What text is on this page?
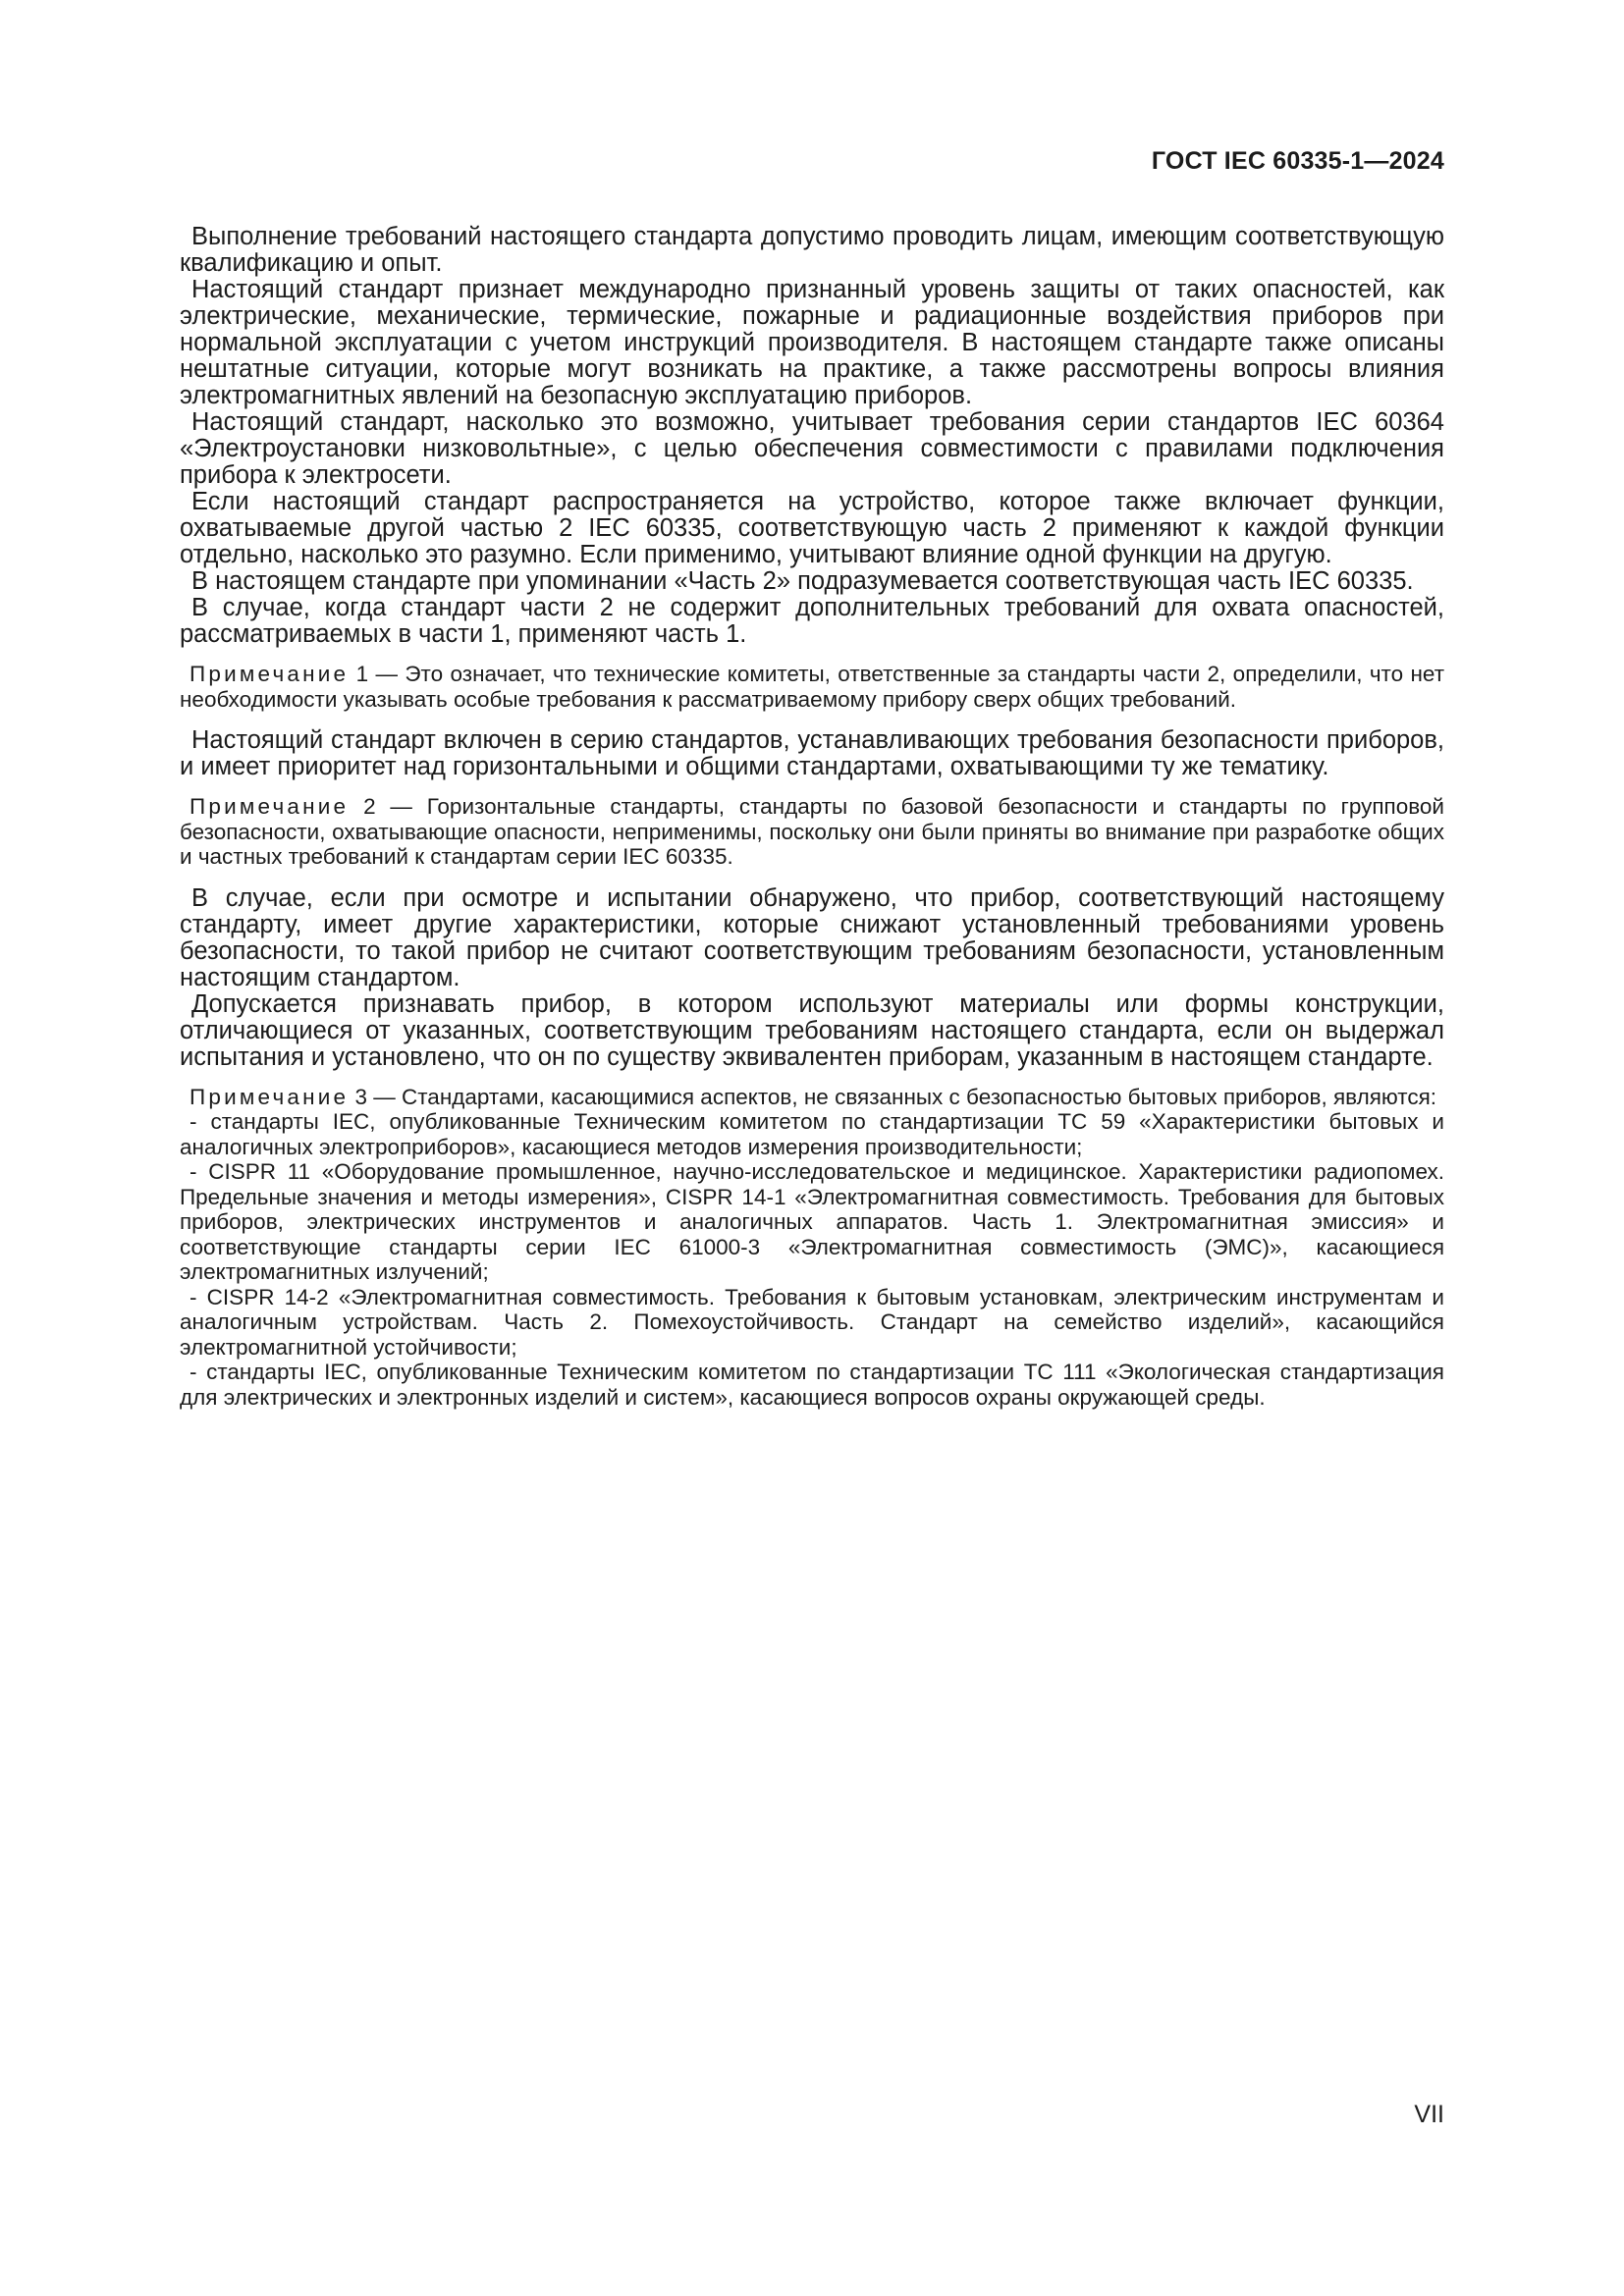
ГОСТ IEC 60335-1—2024

Выполнение требований настоящего стандарта допустимо проводить лицам, имеющим соответствующую квалификацию и опыт.

Настоящий стандарт признает международно признанный уровень защиты от таких опасностей, как электрические, механические, термические, пожарные и радиационные воздействия приборов при нормальной эксплуатации с учетом инструкций производителя. В настоящем стандарте также описаны нештатные ситуации, которые могут возникать на практике, а также рассмотрены вопросы влияния электромагнитных явлений на безопасную эксплуатацию приборов.

Настоящий стандарт, насколько это возможно, учитывает требования серии стандартов IEC 60364 «Электроустановки низковольтные», с целью обеспечения совместимости с правилами подключения прибора к электросети.

Если настоящий стандарт распространяется на устройство, которое также включает функции, охватываемые другой частью 2 IEC 60335, соответствующую часть 2 применяют к каждой функции отдельно, насколько это разумно. Если применимо, учитывают влияние одной функции на другую.

В настоящем стандарте при упоминании «Часть 2» подразумевается соответствующая часть IEC 60335.

В случае, когда стандарт части 2 не содержит дополнительных требований для охвата опасностей, рассматриваемых в части 1, применяют часть 1.

Примечание 1 — Это означает, что технические комитеты, ответственные за стандарты части 2, определили, что нет необходимости указывать особые требования к рассматриваемому прибору сверх общих требований.

Настоящий стандарт включен в серию стандартов, устанавливающих требования безопасности приборов, и имеет приоритет над горизонтальными и общими стандартами, охватывающими ту же тематику.

Примечание 2 — Горизонтальные стандарты, стандарты по базовой безопасности и стандарты по групповой безопасности, охватывающие опасности, неприменимы, поскольку они были приняты во внимание при разработке общих и частных требований к стандартам серии IEC 60335.

В случае, если при осмотре и испытании обнаружено, что прибор, соответствующий настоящему стандарту, имеет другие характеристики, которые снижают установленный требованиями уровень безопасности, то такой прибор не считают соответствующим требованиям безопасности, установленным настоящим стандартом.

Допускается признавать прибор, в котором используют материалы или формы конструкции, отличающиеся от указанных, соответствующим требованиям настоящего стандарта, если он выдержал испытания и установлено, что он по существу эквивалентен приборам, указанным в настоящем стандарте.

Примечание 3 — Стандартами, касающимися аспектов, не связанных с безопасностью бытовых приборов, являются:

- стандарты IEC, опубликованные Техническим комитетом по стандартизации TC 59 «Характеристики бытовых и аналогичных электроприборов», касающиеся методов измерения производительности;

- CISPR 11 «Оборудование промышленное, научно-исследовательское и медицинское. Характеристики радиопомех. Предельные значения и методы измерения», CISPR 14-1 «Электромагнитная совместимость. Требования для бытовых приборов, электрических инструментов и аналогичных аппаратов. Часть 1. Электромагнитная эмиссия» и соответствующие стандарты серии IEC 61000-3 «Электромагнитная совместимость (ЭМС)», касающиеся электромагнитных излучений;

- CISPR 14-2 «Электромагнитная совместимость. Требования к бытовым установкам, электрическим инструментам и аналогичным устройствам. Часть 2. Помехоустойчивость. Стандарт на семейство изделий», касающийся электромагнитной устойчивости;

- стандарты IEC, опубликованные Техническим комитетом по стандартизации TC 111 «Экологическая стандартизация для электрических и электронных изделий и систем», касающиеся вопросов охраны окружающей среды.

VII
